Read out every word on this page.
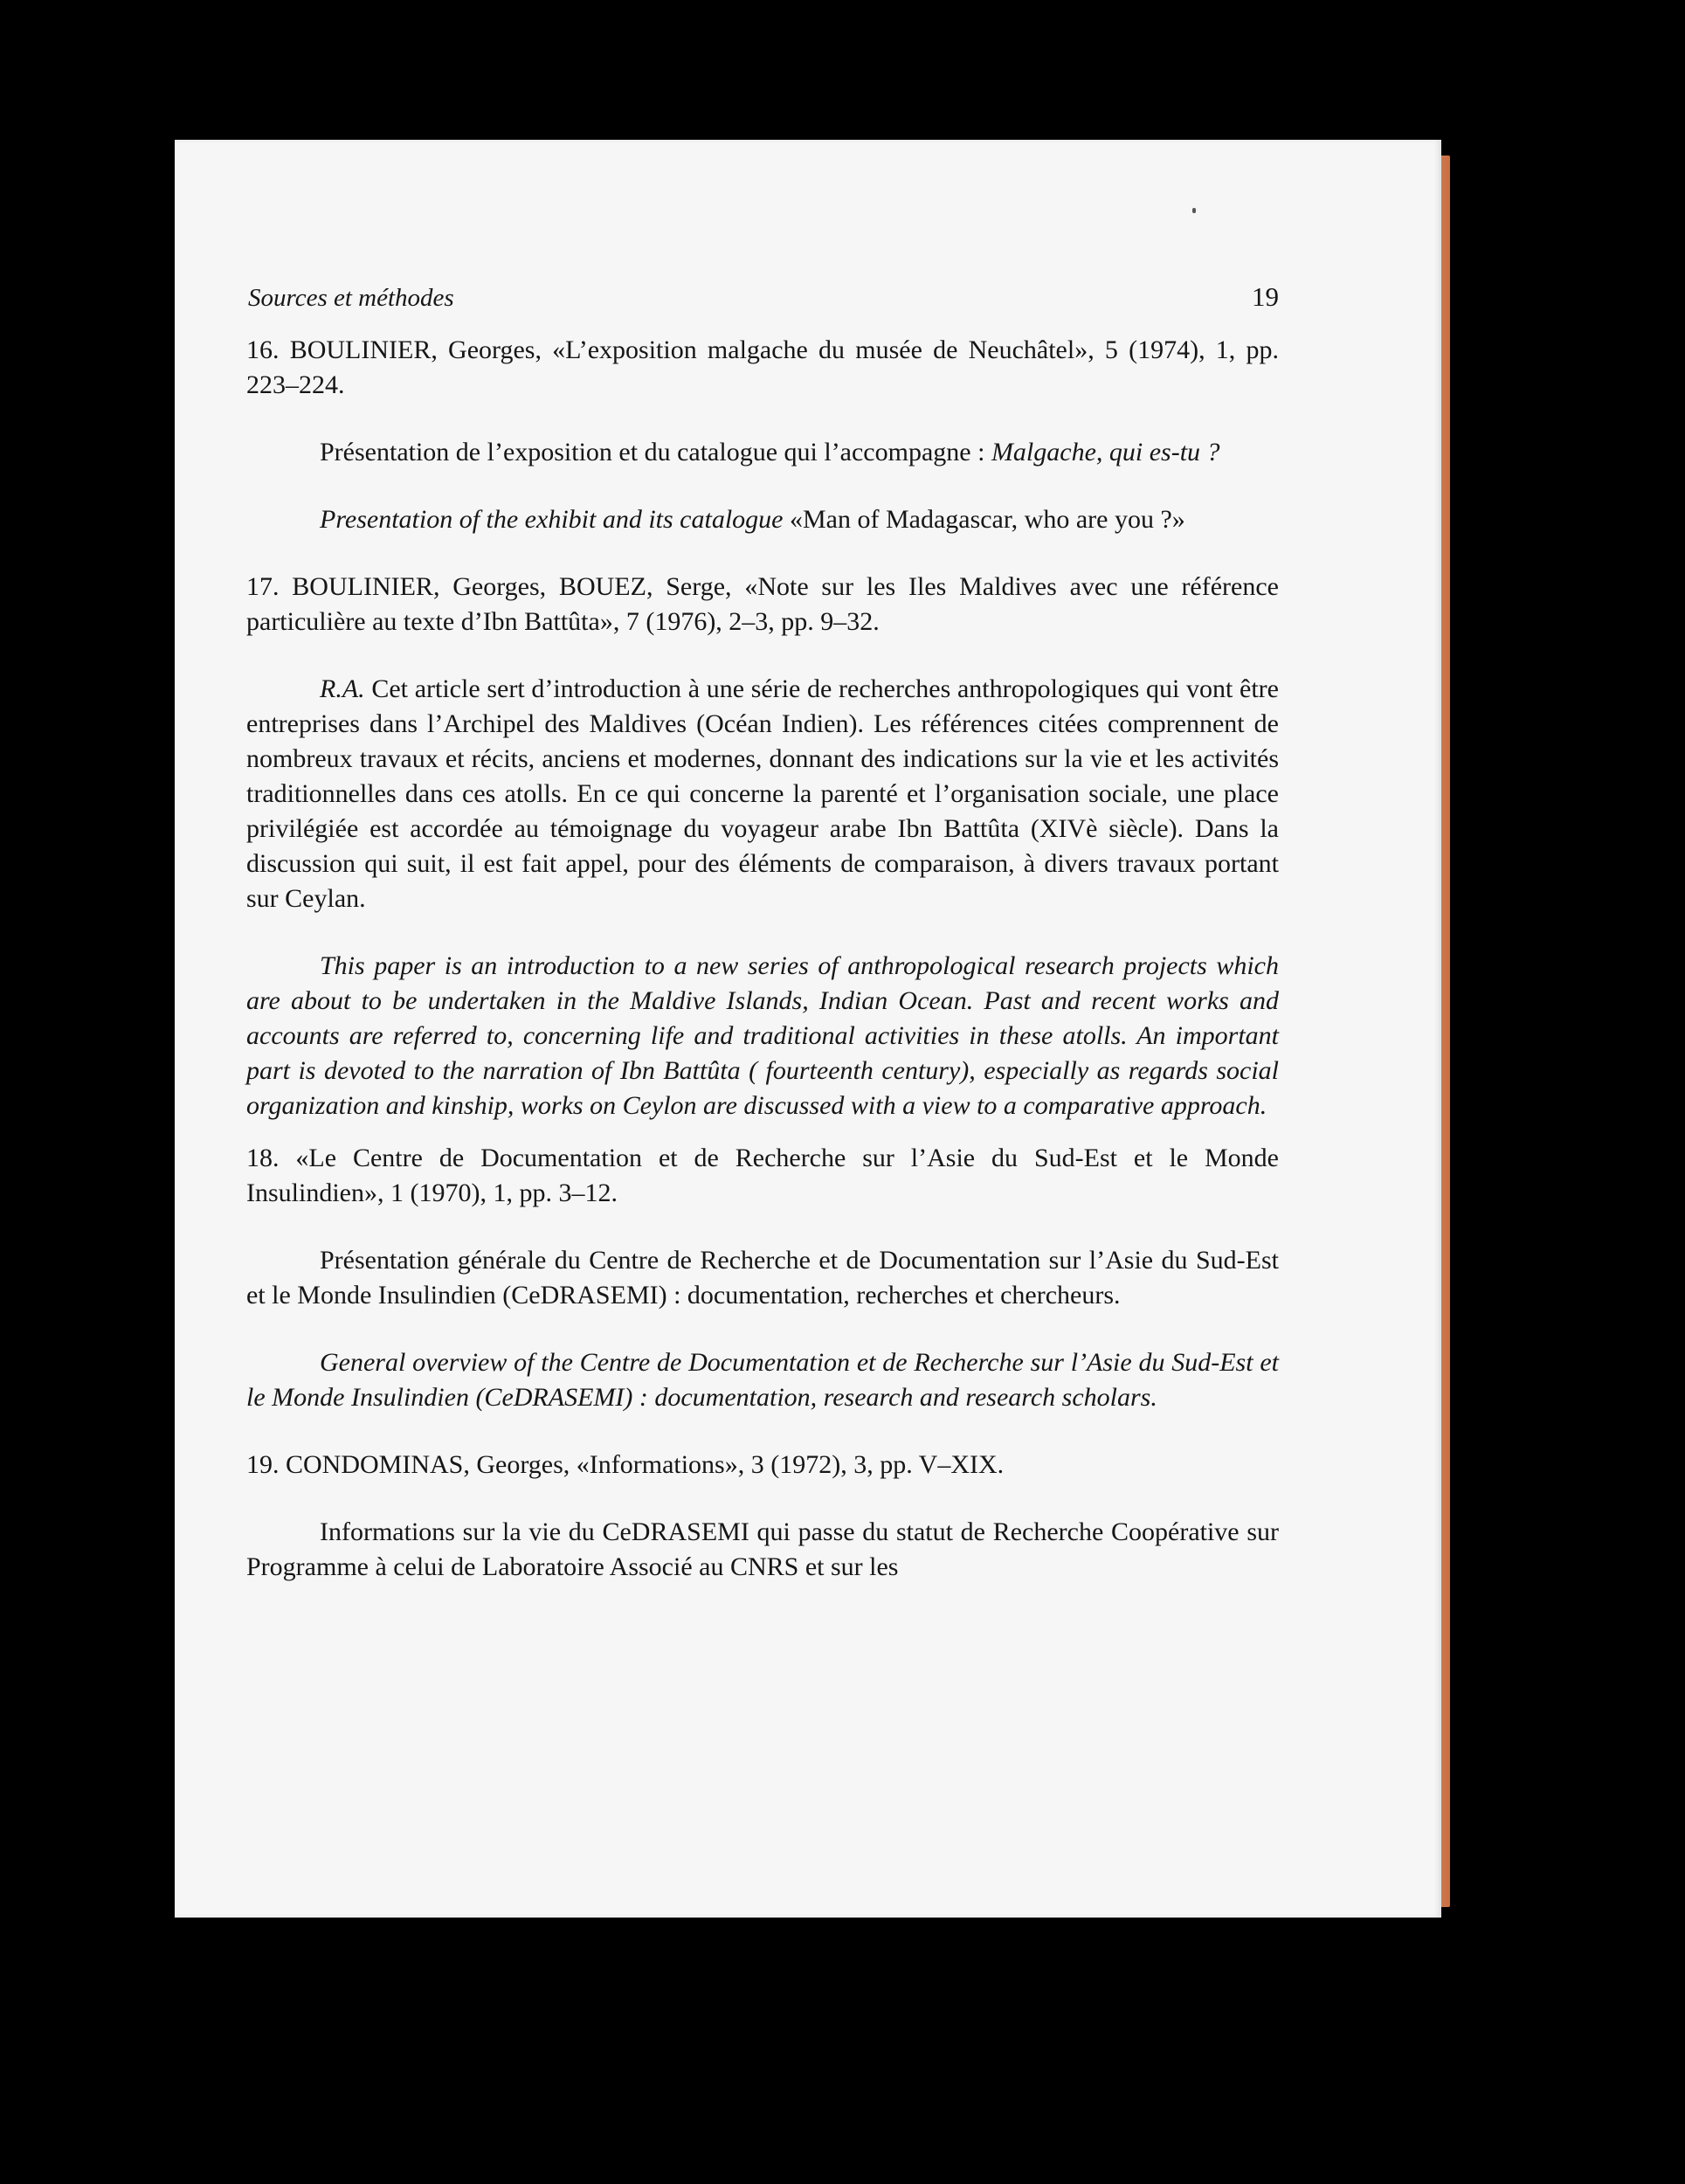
Sources et méthodes	19

16. BOULINIER, Georges, «L’exposition malgache du musée de Neuchâtel», 5 (1974), 1, pp. 223–224.

Présentation de l’exposition et du catalogue qui l’accompagne : Malgache, qui es-tu ?

Presentation of the exhibit and its catalogue «Man of Madagascar, who are you ?»

17. BOULINIER, Georges, BOUEZ, Serge, «Note sur les Iles Maldives avec une référence particulière au texte d’Ibn Battûta», 7 (1976), 2–3, pp. 9–32.

R.A. Cet article sert d’introduction à une série de recherches anthropologiques qui vont être entreprises dans l’Archipel des Maldives (Océan Indien). Les références citées comprennent de nombreux travaux et récits, anciens et modernes, donnant des indications sur la vie et les activités traditionnelles dans ces atolls. En ce qui concerne la parenté et l’organisation sociale, une place privilégiée est accordée au témoignage du voyageur arabe Ibn Battûta (XIVè siècle). Dans la discussion qui suit, il est fait appel, pour des éléments de comparaison, à divers travaux portant sur Ceylan.

This paper is an introduction to a new series of anthropological research projects which are about to be undertaken in the Maldive Islands, Indian Ocean. Past and recent works and accounts are referred to, concerning life and traditional activities in these atolls. An important part is devoted to the narration of Ibn Battûta ( fourteenth century), especially as regards social organization and kinship, works on Ceylon are discussed with a view to a comparative approach.

18. «Le Centre de Documentation et de Recherche sur l’Asie du Sud-Est et le Monde Insulindien», 1 (1970), 1, pp. 3–12.

Présentation générale du Centre de Recherche et de Documentation sur l’Asie du Sud-Est et le Monde Insulindien (CeDRASEMI) : documentation, recherches et chercheurs.

General overview of the Centre de Documentation et de Recherche sur l’Asie du Sud-Est et le Monde Insulindien (CeDRASEMI) : documentation, research and research scholars.

19. CONDOMINAS, Georges, «Informations», 3 (1972), 3, pp. V–XIX.

Informations sur la vie du CeDRASEMI qui passe du statut de Recherche Coopérative sur Programme à celui de Laboratoire Associé au CNRS et sur les
